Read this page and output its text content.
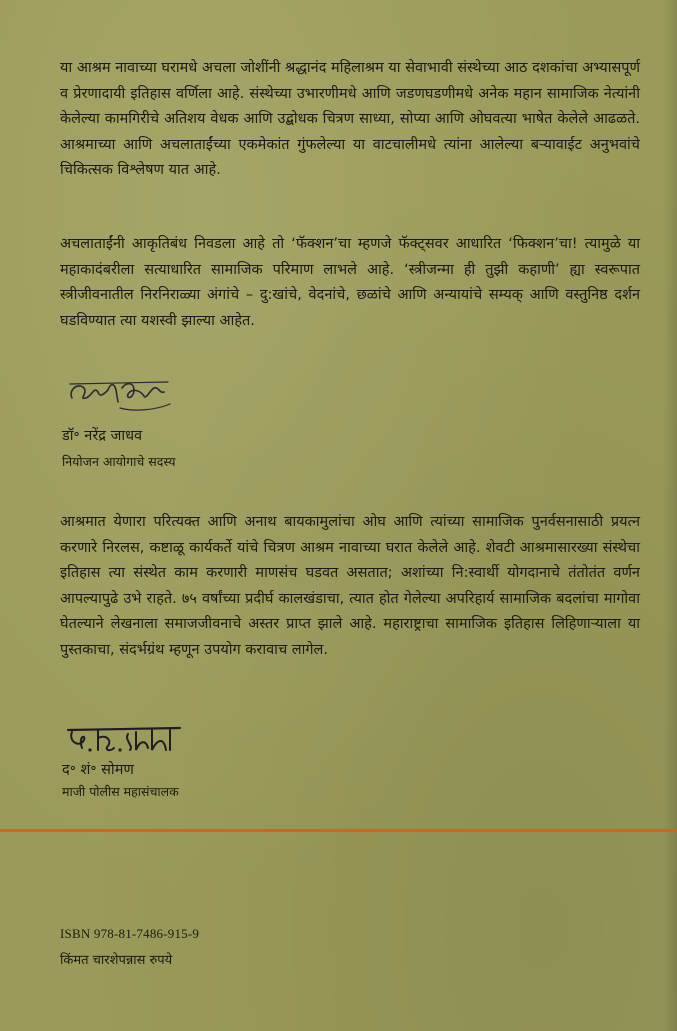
या आश्रम नावाच्या घरामधे अचला जोशींनी श्रद्धानंद महिलाश्रम या सेवाभावी संस्थेच्या आठ दशकांचा अभ्यासपूर्ण व प्रेरणादायी इतिहास वर्णिला आहे. संस्थेच्या उभारणीमधे आणि जडणघडणीमधे अनेक महान सामाजिक नेत्यांनी केलेल्या कामगिरीचे अतिशय वेधक आणि उद्बोधक चित्रण साध्या, सोप्या आणि ओघवत्या भाषेत केलेले आढळते. आश्रमाच्या आणि अचलाताईंच्या एकमेकांत गुंफलेल्या या वाटचालीमधे त्यांना आलेल्या बऱ्यावाईट अनुभवांचे चिकित्सक विश्लेषण यात आहे.

अचलाताईंनी आकृतिबंध निवडला आहे तो ‘फॅक्शन’चा म्हणजे फॅक्ट्सवर आधारित ‘फिक्शन’चा! त्यामुळे या महाकादंबरीला सत्याधारित सामाजिक परिमाण लाभले आहे. ‘स्त्रीजन्मा ही तुझी कहाणी’ ह्या स्वरूपात स्त्रीजीवनातील निरनिराळ्या अंगांचे – दु:खांचे, वेदनांचे, छळांचे आणि अन्यायांचे सम्यक् आणि वस्तुनिष्ठ दर्शन घडविण्यात त्या यशस्वी झाल्या आहेत.

डॉ॰ नरेंद्र जाधव

नियोजन आयोगाचे सदस्य

आश्रमात येणारा परित्यक्त आणि अनाथ बायकामुलांचा ओघ आणि त्यांच्या सामाजिक पुनर्वसनासाठी प्रयत्न करणारे निरलस, कष्टाळू कार्यकर्ते यांचे चित्रण आश्रम नावाच्या घरात केलेले आहे. शेवटी आश्रमासारख्या संस्थेचा इतिहास त्या संस्थेत काम करणारी माणसंच घडवत असतात; अशांच्या नि:स्वार्थी योगदानाचे तंतोतंत वर्णन आपल्यापुढे उभे राहते. ७५ वर्षांच्या प्रदीर्घ कालखंडाचा, त्यात होत गेलेल्या अपरिहार्य सामाजिक बदलांचा मागोवा घेतल्याने लेखनाला समाजजीवनाचे अस्तर प्राप्त झाले आहे. महाराष्ट्राचा सामाजिक इतिहास लिहिणाऱ्याला या पुस्तकाचा, संदर्भग्रंथ म्हणून उपयोग करावाच लागेल.

द॰ शं॰ सोमण

माजी पोलीस महासंचालक

ISBN 978-81-7486-915-9

किंमत चारशेपन्नास रुपये
